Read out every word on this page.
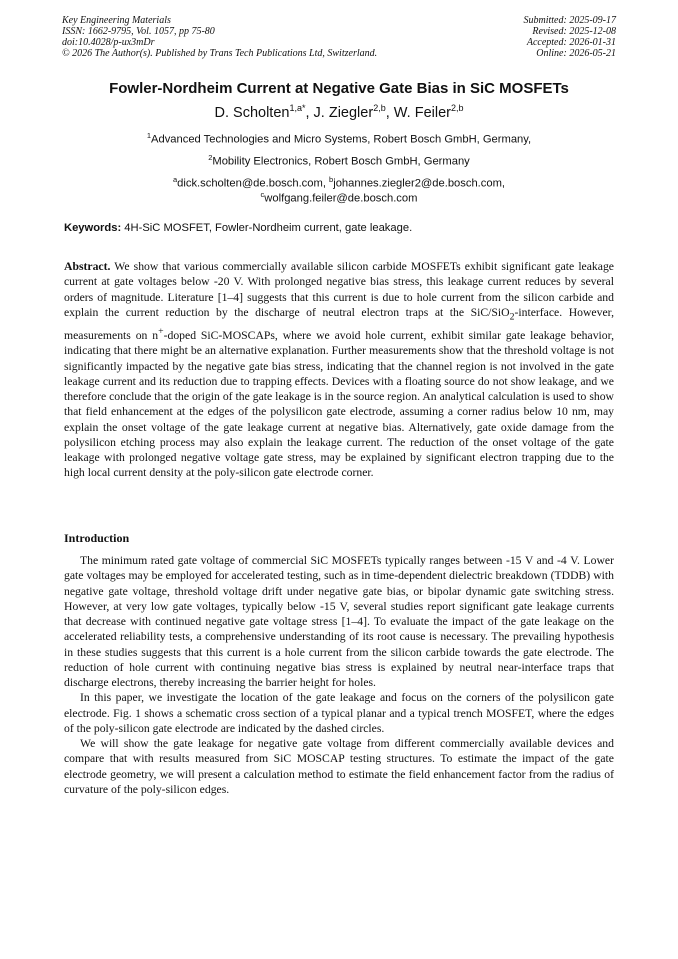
Key Engineering Materials
ISSN: 1662-9795, Vol. 1057, pp 75-80
doi:10.4028/p-ux3mDr
© 2026 The Author(s). Published by Trans Tech Publications Ltd, Switzerland.
Submitted: 2025-09-17
Revised: 2025-12-08
Accepted: 2026-01-31
Online: 2026-05-21
Fowler-Nordheim Current at Negative Gate Bias in SiC MOSFETs
D. Scholten$^{1,a*}$, J. Ziegler$^{2,b}$, W. Feiler$^{2,b}$
$^1$Advanced Technologies and Micro Systems, Robert Bosch GmbH, Germany,
$^2$Mobility Electronics, Robert Bosch GmbH, Germany
$^a$dick.scholten@de.bosch.com, $^b$johannes.ziegler2@de.bosch.com,
$^c$wolfgang.feiler@de.bosch.com
Keywords: 4H-SiC MOSFET, Fowler-Nordheim current, gate leakage.
Abstract. We show that various commercially available silicon carbide MOSFETs exhibit significant gate leakage current at gate voltages below -20 V. With prolonged negative bias stress, this leakage current reduces by several orders of magnitude. Literature [1–4] suggests that this current is due to hole current from the silicon carbide and explain the current reduction by the discharge of neutral electron traps at the SiC/SiO$_2$-interface. However, measurements on n+-doped SiC-MOSCAPs, where we avoid hole current, exhibit similar gate leakage behavior, indicating that there might be an alternative explanation. Further measurements show that the threshold voltage is not significantly impacted by the negative gate bias stress, indicating that the channel region is not involved in the gate leakage current and its reduction due to trapping effects. Devices with a floating source do not show leakage, and we therefore conclude that the origin of the gate leakage is in the source region. An analytical calculation is used to show that field enhancement at the edges of the polysilicon gate electrode, assuming a corner radius below 10 nm, may explain the onset voltage of the gate leakage current at negative bias. Alternatively, gate oxide damage from the polysilicon etching process may also explain the leakage current. The reduction of the onset voltage of the gate leakage with prolonged negative voltage gate stress, may be explained by significant electron trapping due to the high local current density at the poly-silicon gate electrode corner.
Introduction

The minimum rated gate voltage of commercial SiC MOSFETs typically ranges between -15 V and -4 V. Lower gate voltages may be employed for accelerated testing, such as in time-dependent dielectric breakdown (TDDB) with negative gate voltage, threshold voltage drift under negative gate bias, or bipolar dynamic gate switching stress. However, at very low gate voltages, typically below -15 V, several studies report significant gate leakage currents that decrease with continued negative gate voltage stress [1–4]. To evaluate the impact of the gate leakage on the accelerated reliability tests, a comprehensive understanding of its root cause is necessary. The prevailing hypothesis in these studies suggests that this current is a hole current from the silicon carbide towards the gate electrode. The reduction of hole current with continuing negative bias stress is explained by neutral near-interface traps that discharge electrons, thereby increasing the barrier height for holes.

In this paper, we investigate the location of the gate leakage and focus on the corners of the polysilicon gate electrode. Fig. 1 shows a schematic cross section of a typical planar and a typical trench MOSFET, where the edges of the poly-silicon gate electrode are indicated by the dashed circles.

We will show the gate leakage for negative gate voltage from different commercially available devices and compare that with results measured from SiC MOSCAP testing structures. To estimate the impact of the gate electrode geometry, we will present a calculation method to estimate the field enhancement factor from the radius of curvature of the poly-silicon edges.
